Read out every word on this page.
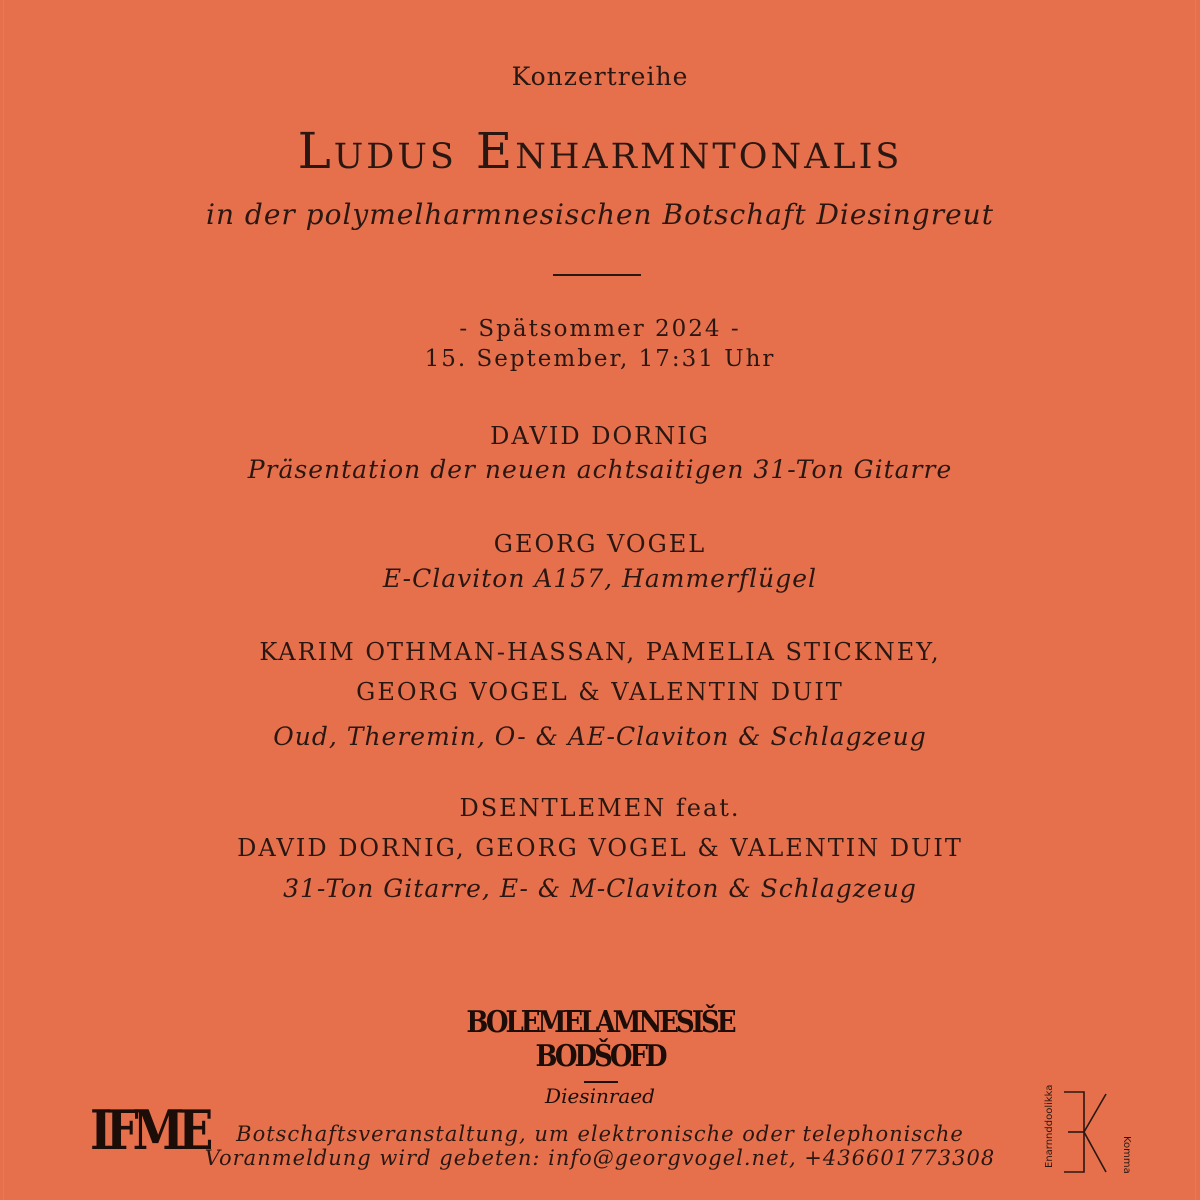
Konzertreihe
Ludus Enharmntonalis
in der polymelharmnesischen Botschaft Diesingreut
- Spätsommer 2024 -
15. September, 17:31 Uhr
DAVID DORNIG
Präsentation der neuen achtsaitigen 31-Ton Gitarre
GEORG VOGEL
E-Claviton A157, Hammerflügel
KARIM OTHMAN-HASSAN, PAMELIA STICKNEY,
GEORG VOGEL & VALENTIN DUIT
Oud, Theremin, O- & AE-Claviton & Schlagzeug
DSENTLEMEN feat.
DAVID DORNIG, GEORG VOGEL & VALENTIN DUIT
31-Ton Gitarre, E- & M-Claviton & Schlagzeug
BOLEMELAMNESIŠE
BODŠOFD
Diesinraed
Botschaftsveranstaltung, um elektronische oder telephonische
Voranmeldung wird gebeten: info@georgvogel.net, +436601773308
IFME	Enarnnddoolikka	Komma
